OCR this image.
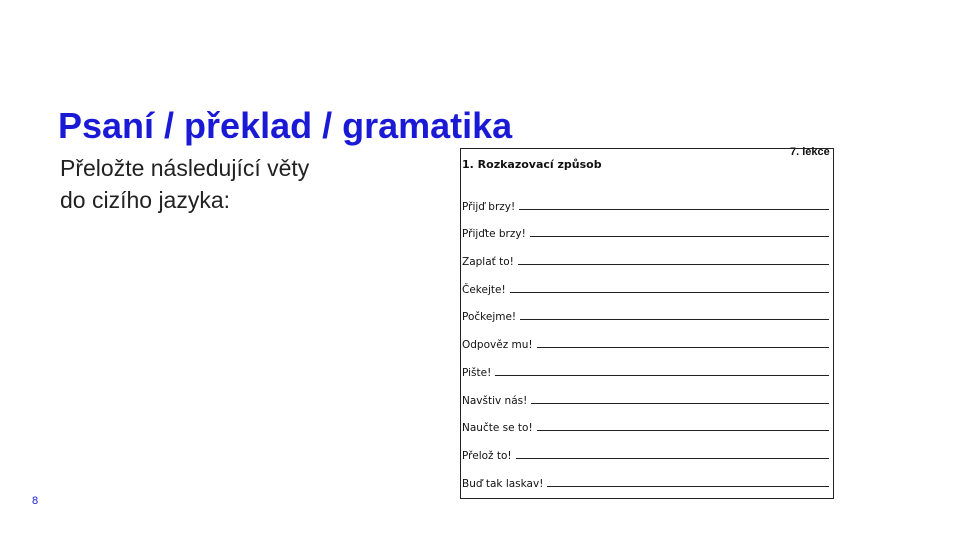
Psaní / překlad / gramatika
Přeložte následující věty
do cizího jazyka:
8
7. lekce
1. Rozkazovací způsob
Přijď brzy!
Přijďte brzy!
Zaplať to!
Čekejte!
Počkejme!
Odpověz mu!
Pište!
Navštiv nás!
Naučte se to!
Přelož to!
Buď tak laskav!
